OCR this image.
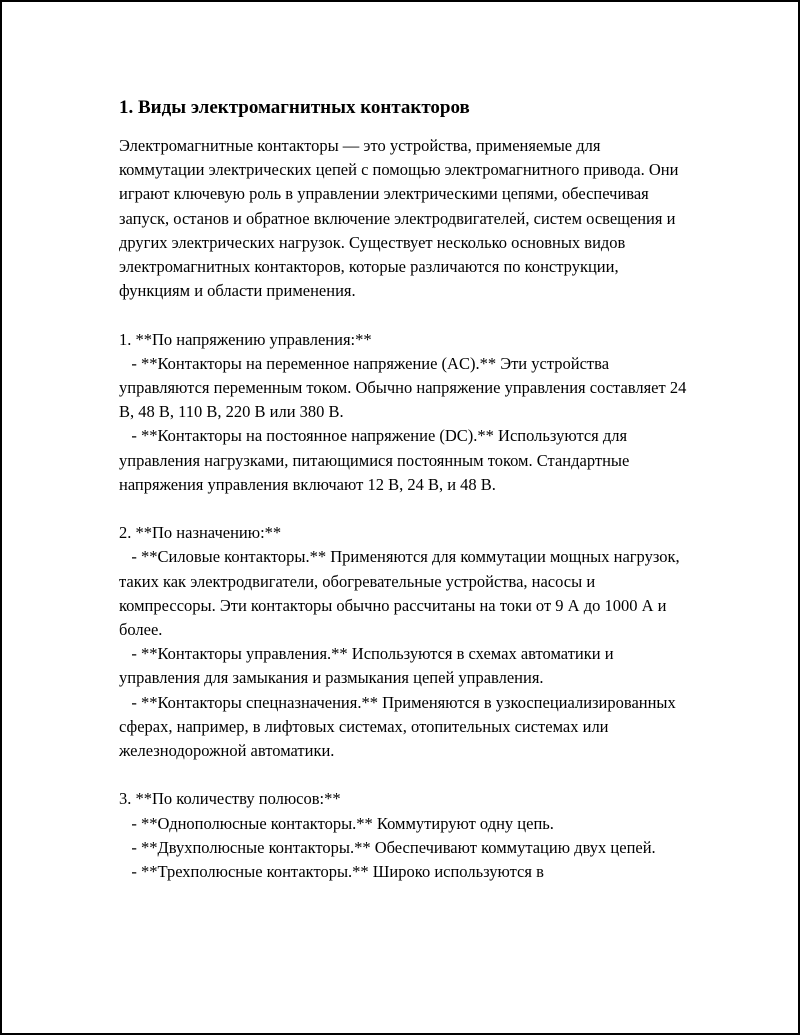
1. Виды электромагнитных контакторов

Электромагнитные контакторы — это устройства, применяемые для коммутации электрических цепей с помощью электромагнитного привода. Они играют ключевую роль в управлении электрическими цепями, обеспечивая запуск, останов и обратное включение электродвигателей, систем освещения и других электрических нагрузок. Существует несколько основных видов электромагнитных контакторов, которые различаются по конструкции, функциям и области применения.

1. **По напряжению управления:**
- **Контакторы на переменное напряжение (AC).** Эти устройства управляются переменным током. Обычно напряжение управления составляет 24 В, 48 В, 110 В, 220 В или 380 В.
- **Контакторы на постоянное напряжение (DC).** Используются для управления нагрузками, питающимися постоянным током. Стандартные напряжения управления включают 12 В, 24 В, и 48 В.

2. **По назначению:**
- **Силовые контакторы.** Применяются для коммутации мощных нагрузок, таких как электродвигатели, обогревательные устройства, насосы и компрессоры. Эти контакторы обычно рассчитаны на токи от 9 А до 1000 А и более.
- **Контакторы управления.** Используются в схемах автоматики и управления для замыкания и размыкания цепей управления.
- **Контакторы спецназначения.** Применяются в узкоспециализированных сферах, например, в лифтовых системах, отопительных системах или железнодорожной автоматики.

3. **По количеству полюсов:**
- **Однополюсные контакторы.** Коммутируют одну цепь.
- **Двухполюсные контакторы.** Обеспечивают коммутацию двух цепей.
- **Трехполюсные контакторы.** Широко используются в
